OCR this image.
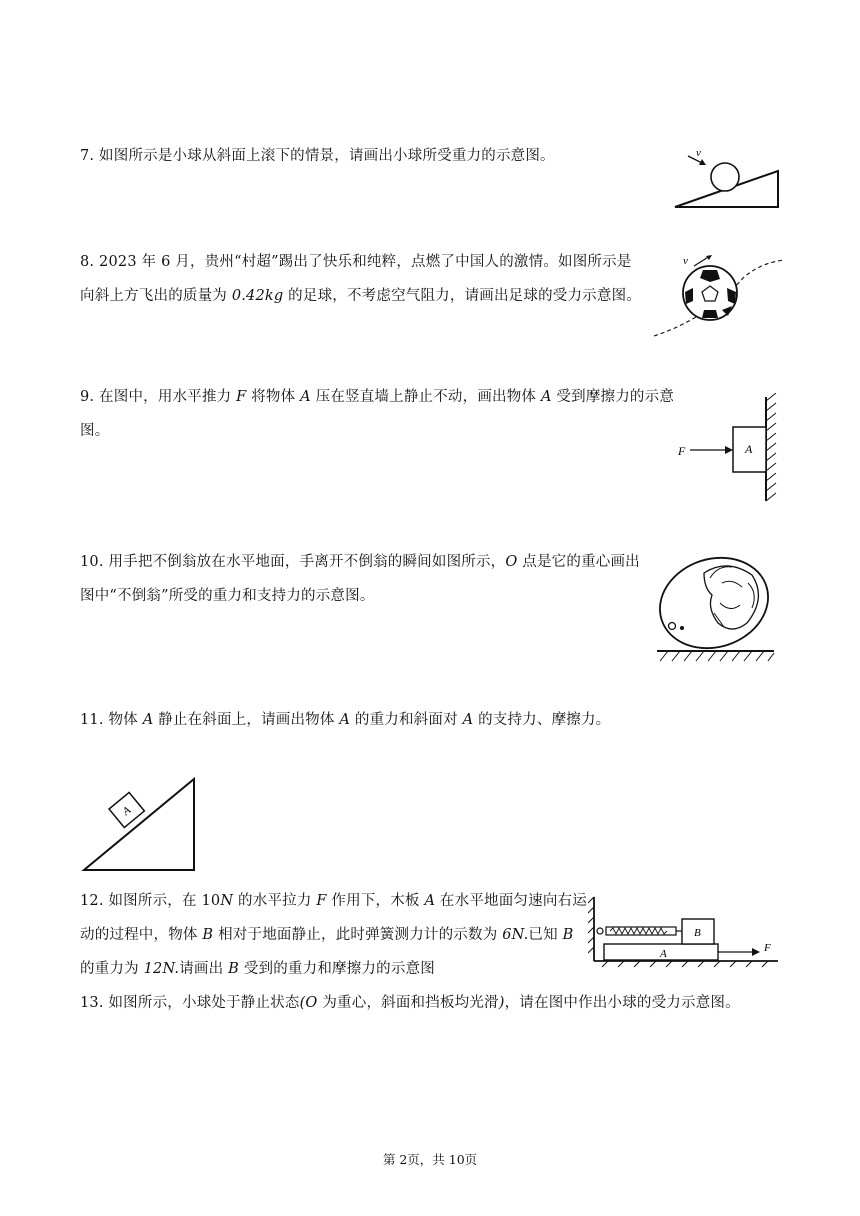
7. 如图所示是小球从斜面上滚下的情景，请画出小球所受重力的示意图。	v
8. 2023 年 6 月，贵州“村超”踢出了快乐和纯粹，点燃了中国人的激情。如图所示是
向斜上方飞出的质量为 0.42kg 的足球，不考虑空气阻力，请画出足球的受力示意图。
v
9. 在图中，用水平推力 F 将物体 A 压在竖直墙上静止不动，画出物体 A 受到摩擦力的示意
图。
A
F
10. 用手把不倒翁放在水平地面，手离开不倒翁的瞬间如图所示，O 点是它的重心画出
图中“不倒翁”所受的重力和支持力的示意图。
11. 物体 A 静止在斜面上，请画出物体 A 的重力和斜面对 A 的支持力、摩擦力。
A
12. 如图所示，在 10N 的水平拉力 F 作用下，木板 A 在水平地面匀速向右运
动的过程中，物体 B 相对于地面静止，此时弹簧测力计的示数为 6N.已知 B
的重力为 12N.请画出 B 受到的重力和摩擦力的示意图
A
B
F
13. 如图所示，小球处于静止状态(O 为重心，斜面和挡板均光滑)，请在图中作出小球的受力示意图。
第 2页，共 10页
